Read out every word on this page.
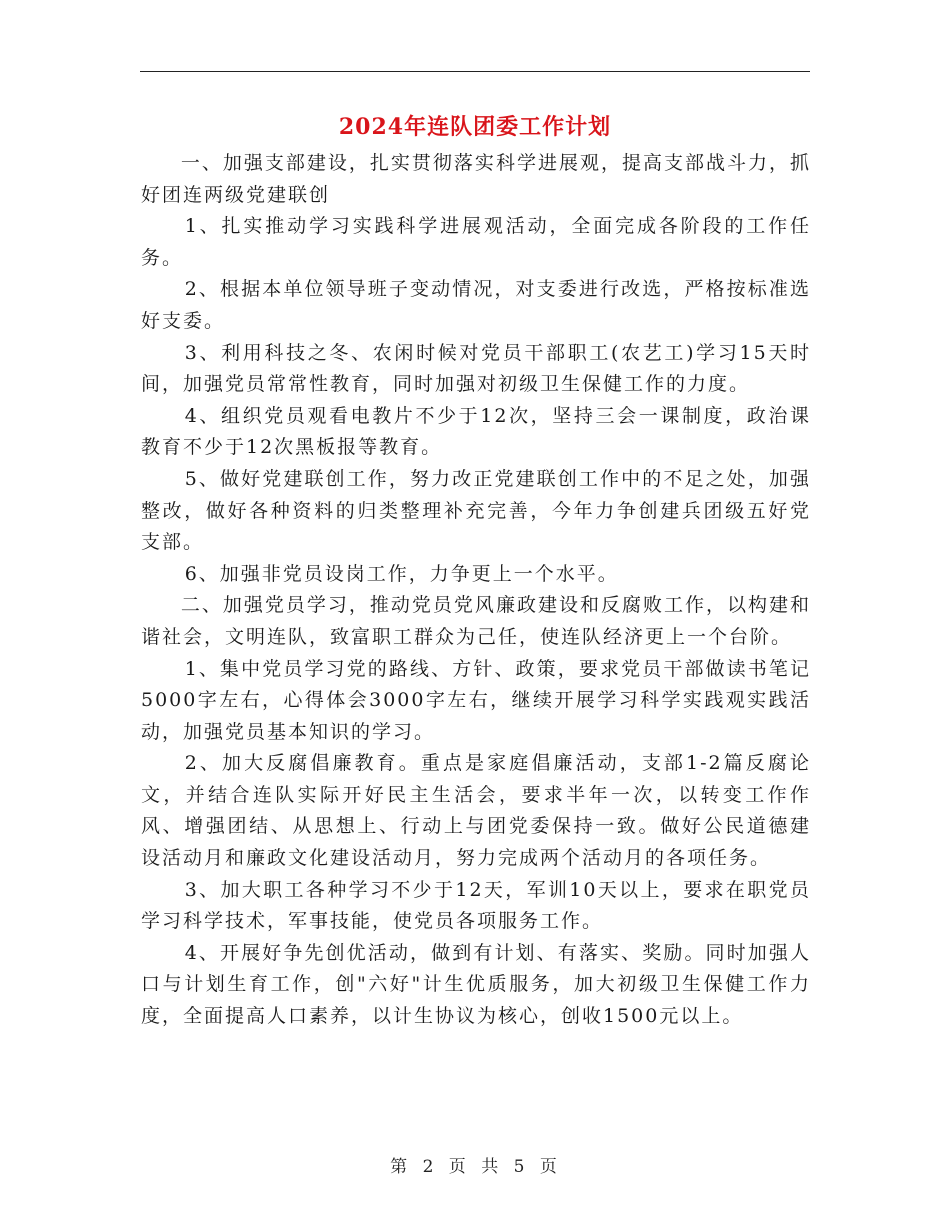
2024年连队团委工作计划

一、加强支部建设，扎实贯彻落实科学进展观，提高支部战斗力，抓好团连两级党建联创

1、扎实推动学习实践科学进展观活动，全面完成各阶段的工作任务。

2、根据本单位领导班子变动情况，对支委进行改选，严格按标准选好支委。

3、利用科技之冬、农闲时候对党员干部职工(农艺工)学习15天时间，加强党员常常性教育，同时加强对初级卫生保健工作的力度。

4、组织党员观看电教片不少于12次，坚持三会一课制度，政治课教育不少于12次黑板报等教育。

5、做好党建联创工作，努力改正党建联创工作中的不足之处，加强整改，做好各种资料的归类整理补充完善，今年力争创建兵团级五好党支部。

6、加强非党员设岗工作，力争更上一个水平。

二、加强党员学习，推动党员党风廉政建设和反腐败工作，以构建和谐社会，文明连队，致富职工群众为己任，使连队经济更上一个台阶。

1、集中党员学习党的路线、方针、政策，要求党员干部做读书笔记5000字左右，心得体会3000字左右，继续开展学习科学实践观实践活动，加强党员基本知识的学习。

2、加大反腐倡廉教育。重点是家庭倡廉活动，支部1-2篇反腐论文，并结合连队实际开好民主生活会，要求半年一次，以转变工作作风、增强团结、从思想上、行动上与团党委保持一致。做好公民道德建设活动月和廉政文化建设活动月，努力完成两个活动月的各项任务。

3、加大职工各种学习不少于12天，军训10天以上，要求在职党员学习科学技术，军事技能，使党员各项服务工作。

4、开展好争先创优活动，做到有计划、有落实、奖励。同时加强人口与计划生育工作，创"六好"计生优质服务，加大初级卫生保健工作力度，全面提高人口素养，以计生协议为核心，创收1500元以上。

第 2 页 共 5 页
